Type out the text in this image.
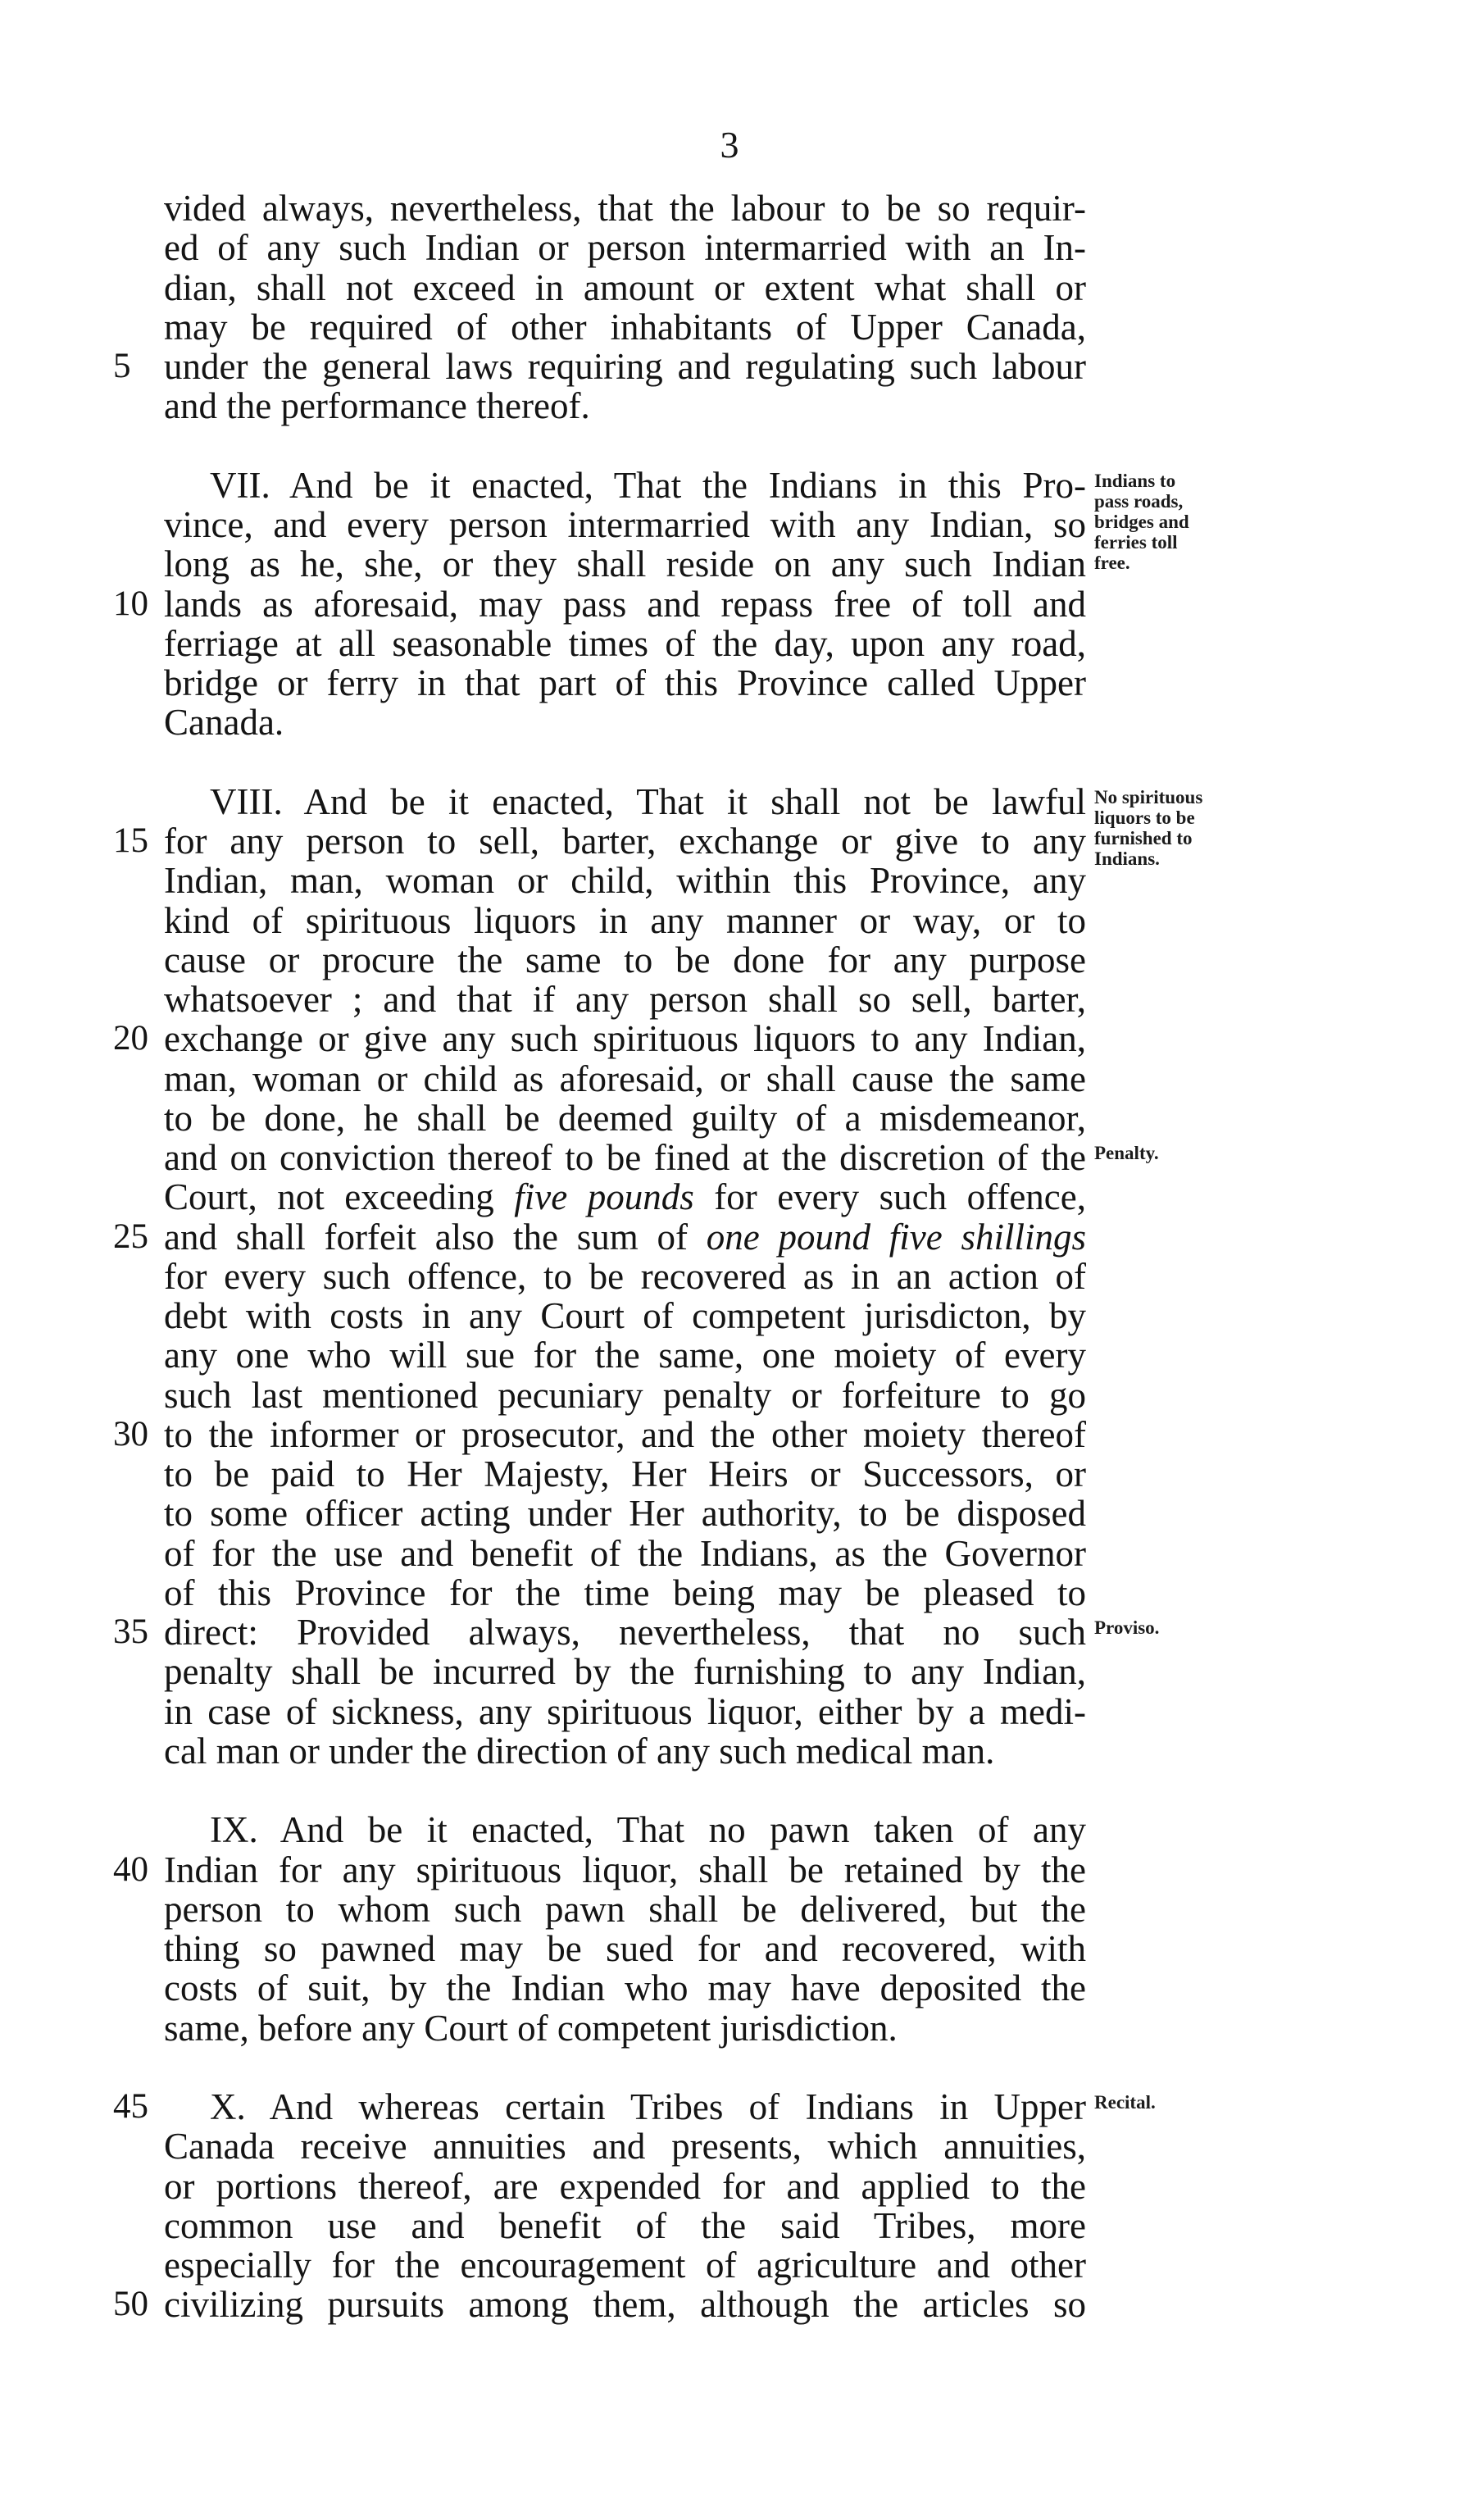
3
vided always, nevertheless, that the labour to be so requir-
ed of any such Indian or person intermarried with an In-
dian, shall not exceed in amount or extent what shall or
may be required of other inhabitants of Upper Canada,
5 under the general laws requiring and regulating such labour
and the performance thereof.
VII. And be it enacted, That the Indians in this Pro-
vince, and every person intermarried with any Indian, so
long as he, she, or they shall reside on any such Indian
10 lands as aforesaid, may pass and repass free of toll and
ferriage at all seasonable times of the day, upon any road,
bridge or ferry in that part of this Province called Upper
Canada.
VIII. And be it enacted, That it shall not be lawful
15 for any person to sell, barter, exchange or give to any
Indian, man, woman or child, within this Province, any
kind of spirituous liquors in any manner or way, or to
cause or procure the same to be done for any purpose
whatsoever ; and that if any person shall so sell, barter,
20 exchange or give any such spirituous liquors to any Indian,
man, woman or child as aforesaid, or shall cause the same
to be done, he shall be deemed guilty of a misdemeanor,
and on conviction thereof to be fined at the discretion of the
Court, not exceeding five pounds for every such offence,
25 and shall forfeit also the sum of one pound five shillings
for every such offence, to be recovered as in an action of
debt with costs in any Court of competent jurisdicton, by
any one who will sue for the same, one moiety of every
such last mentioned pecuniary penalty or forfeiture to go
30 to the informer or prosecutor, and the other moiety thereof
to be paid to Her Majesty, Her Heirs or Successors, or
to some officer acting under Her authority, to be disposed
of for the use and benefit of the Indians, as the Governor
of this Province for the time being may be pleased to
35 direct: Provided always, nevertheless, that no such
penalty shall be incurred by the furnishing to any Indian,
in case of sickness, any spirituous liquor, either by a medi-
cal man or under the direction of any such medical man.
IX. And be it enacted, That no pawn taken of any
40 Indian for any spirituous liquor, shall be retained by the
person to whom such pawn shall be delivered, but the
thing so pawned may be sued for and recovered, with
costs of suit, by the Indian who may have deposited the
same, before any Court of competent jurisdiction.
45 X. And whereas certain Tribes of Indians in Upper
Canada receive annuities and presents, which annuities,
or portions thereof, are expended for and applied to the
common use and benefit of the said Tribes, more
especially for the encouragement of agriculture and other
50 civilizing pursuits among them, although the articles so
Indians to
pass roads,
bridges and
ferries toll
free.
No spirituous
liquors to be
furnished to
Indians.
Penalty.
Proviso.
Recital.
